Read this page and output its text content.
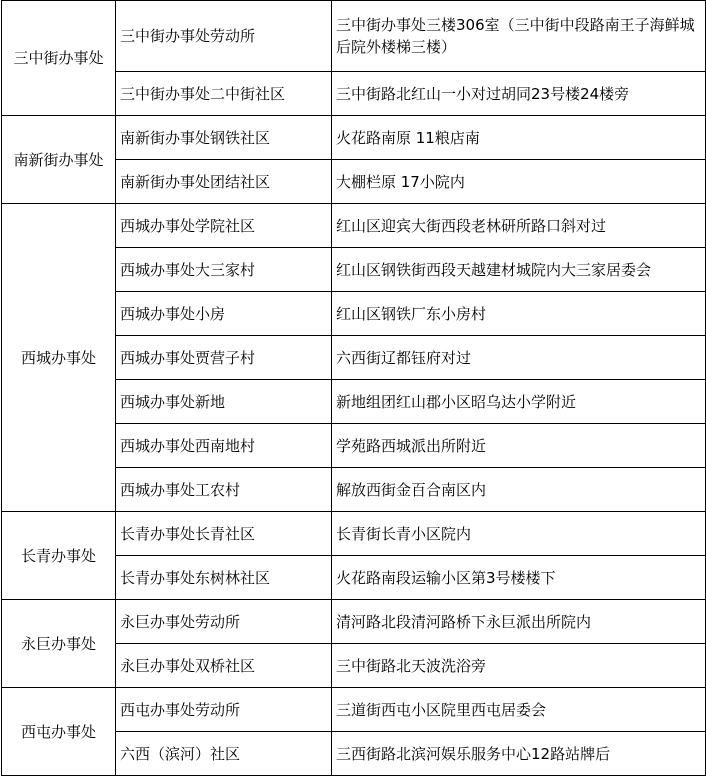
三中街办事处	三中街办事处劳动所	三中街办事处三楼306室（三中街中段路南王子海鲜城后院外楼梯三楼）
	三中街办事处二中街社区	三中街路北红山一小对过胡同23号楼24楼旁
南新街办事处	南新街办事处钢铁社区	火花路南原 11粮店南
	南新街办事处团结社区	大棚栏原 17小院内
西城办事处	西城办事处学院社区	红山区迎宾大街西段老林研所路口斜对过
	西城办事处大三家村	红山区钢铁街西段天越建材城院内大三家居委会
	西城办事处小房	红山区钢铁厂东小房村
	西城办事处贾营子村	六西街辽都钰府对过
	西城办事处新地	新地组团红山郡小区昭乌达小学附近
	西城办事处西南地村	学苑路西城派出所附近
	西城办事处工农村	解放西街金百合南区内
长青办事处	长青办事处长青社区	长青街长青小区院内
	长青办事处东树林社区	火花路南段运输小区第3号楼楼下
永巨办事处	永巨办事处劳动所	清河路北段清河路桥下永巨派出所院内
	永巨办事处双桥社区	三中街路北天波洗浴旁
西屯办事处	西屯办事处劳动所	三道街西屯小区院里西屯居委会
	六西（滨河）社区	三西街路北滨河娱乐服务中心12路站牌后
